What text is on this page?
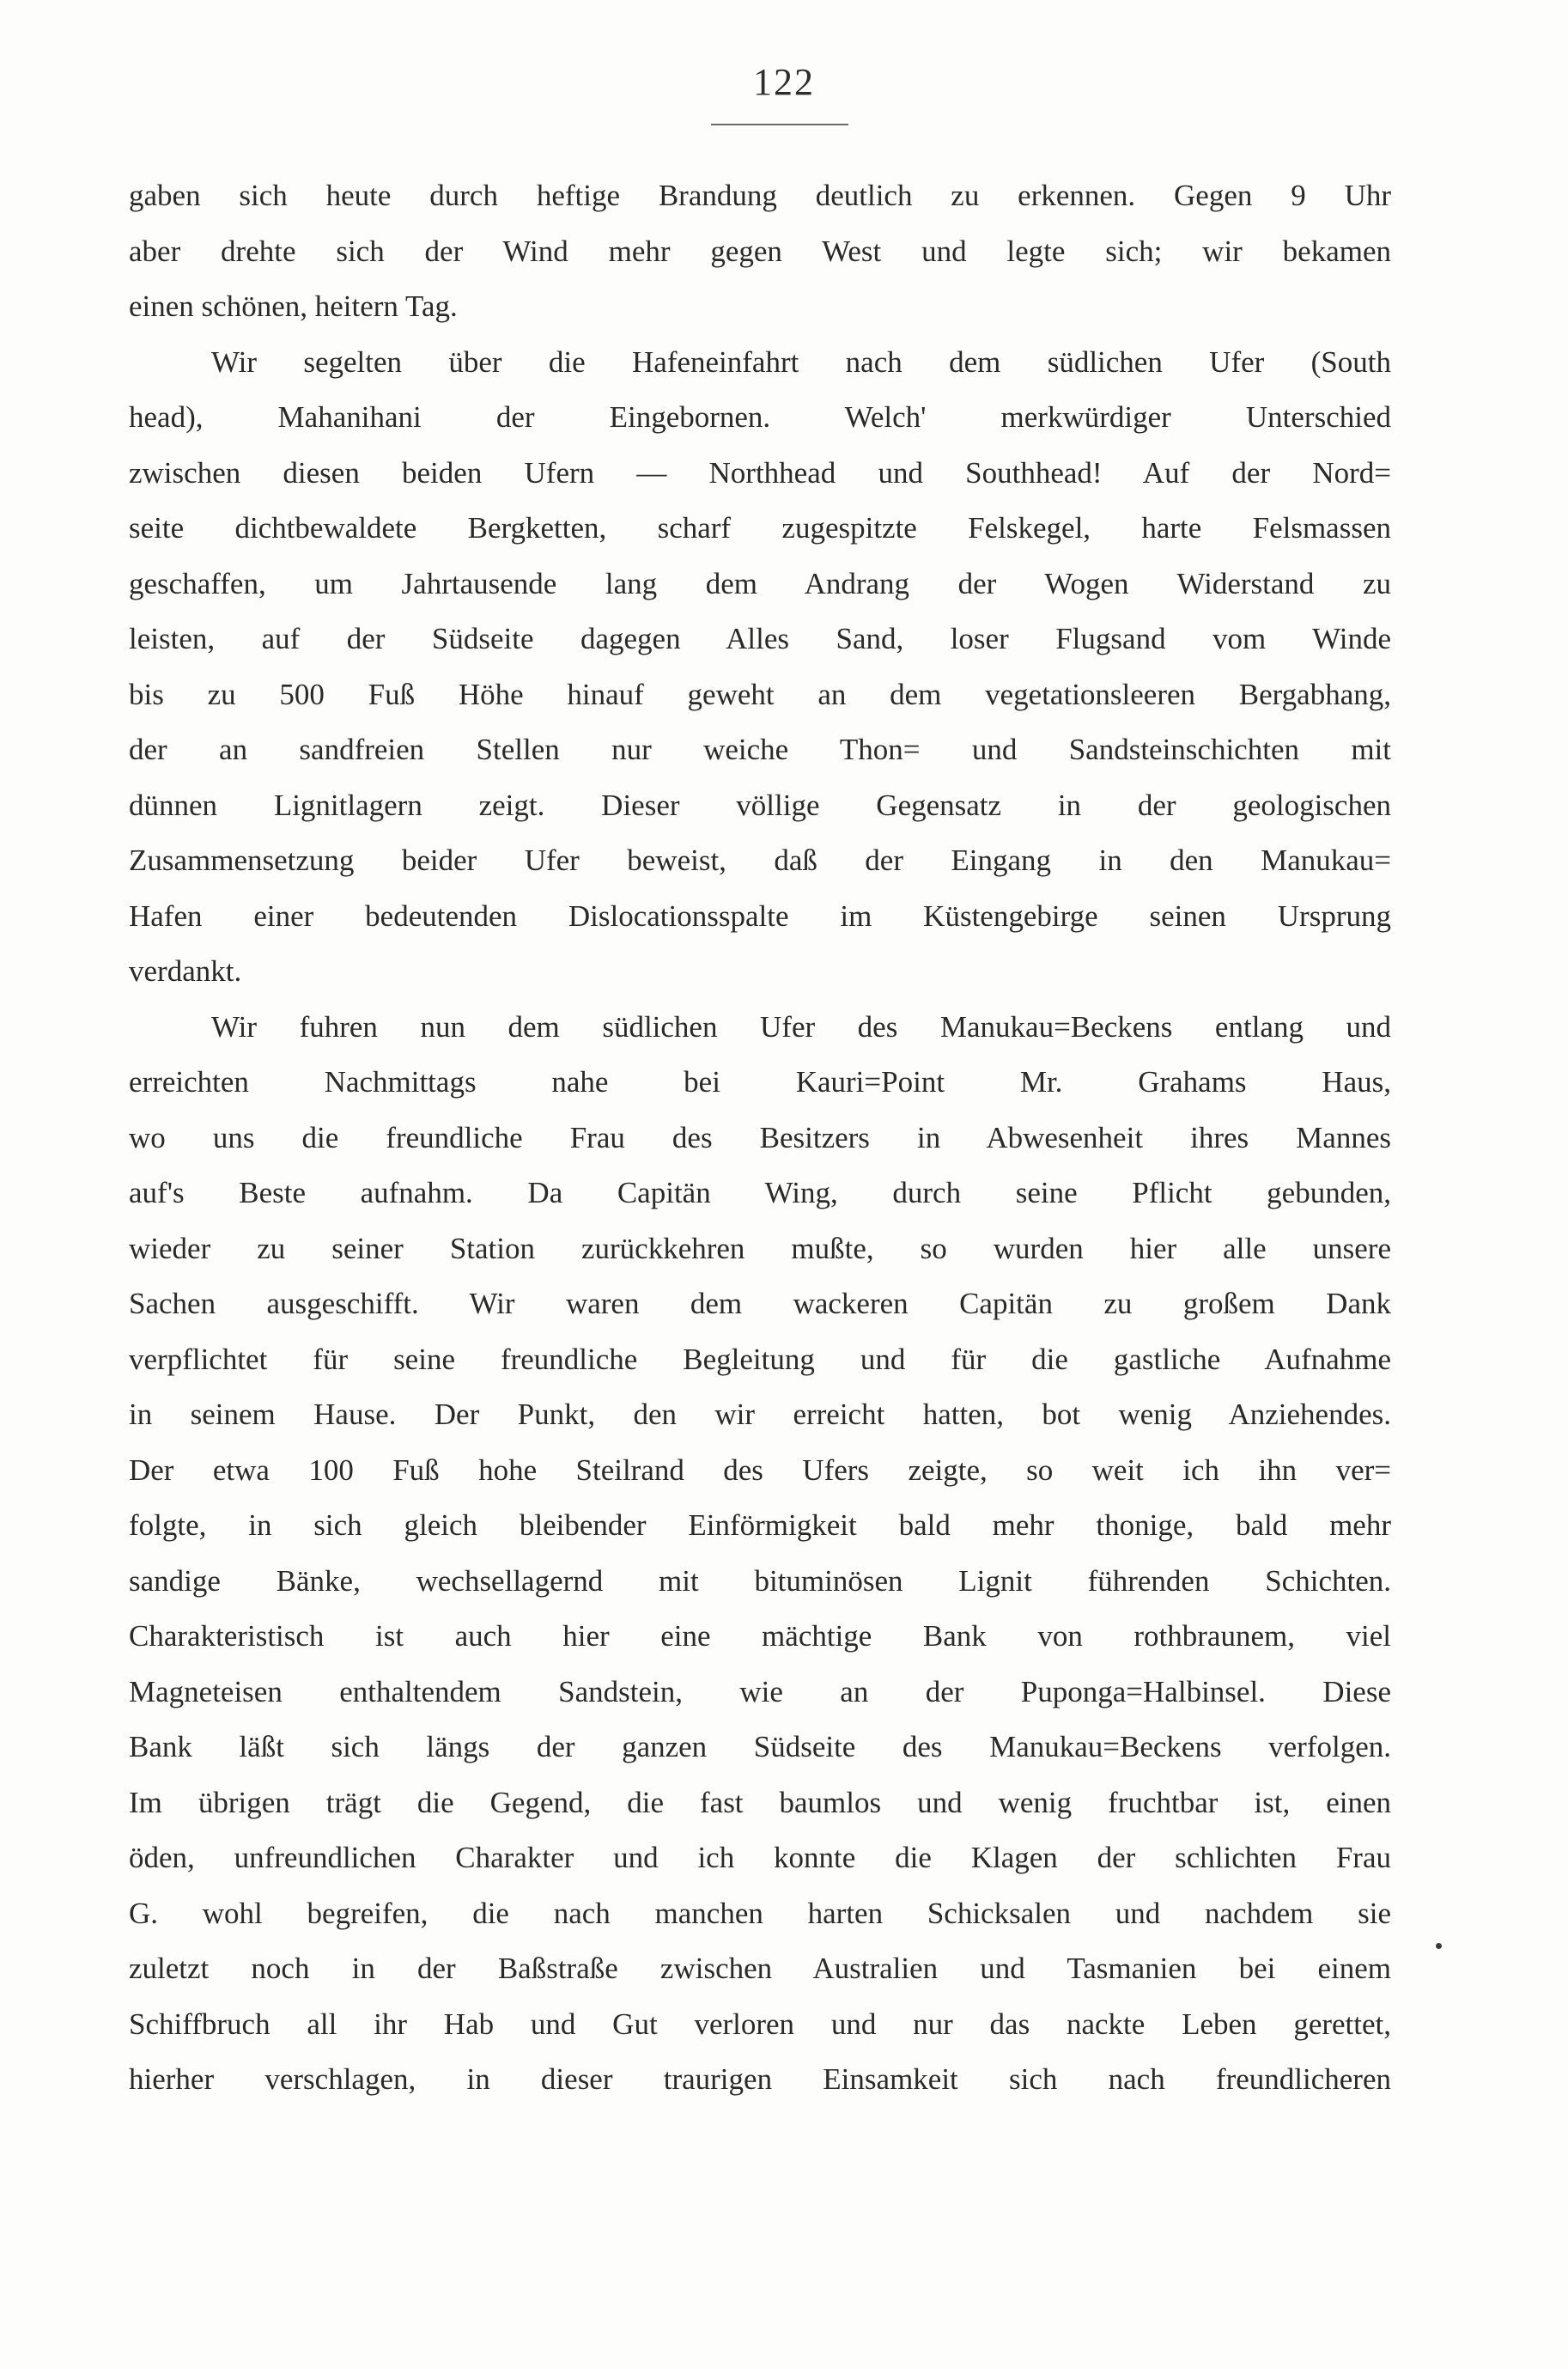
122
gaben sich heute durch heftige Brandung deutlich zu erkennen. Gegen 9 Uhr
aber drehte sich der Wind mehr gegen West und legte sich; wir bekamen
einen schönen, heitern Tag.
Wir segelten über die Hafeneinfahrt nach dem südlichen Ufer (South
head), Mahanihani der Eingebornen. Welch' merkwürdiger Unterschied
zwischen diesen beiden Ufern — Northhead und Southhead! Auf der Nord=
seite dichtbewaldete Bergketten, scharf zugespitzte Felskegel, harte Felsmassen
geschaffen, um Jahrtausende lang dem Andrang der Wogen Widerstand zu
leisten, auf der Südseite dagegen Alles Sand, loser Flugsand vom Winde
bis zu 500 Fuß Höhe hinauf geweht an dem vegetationsleeren Bergabhang,
der an sandfreien Stellen nur weiche Thon= und Sandsteinschichten mit
dünnen Lignitlagern zeigt. Dieser völlige Gegensatz in der geologischen
Zusammensetzung beider Ufer beweist, daß der Eingang in den Manukau=
Hafen einer bedeutenden Dislocationsspalte im Küstengebirge seinen Ursprung
verdankt.
Wir fuhren nun dem südlichen Ufer des Manukau=Beckens entlang und
erreichten Nachmittags nahe bei Kauri=Point Mr. Grahams Haus,
wo uns die freundliche Frau des Besitzers in Abwesenheit ihres Mannes
auf's Beste aufnahm. Da Capitän Wing, durch seine Pflicht gebunden,
wieder zu seiner Station zurückkehren mußte, so wurden hier alle unsere
Sachen ausgeschifft. Wir waren dem wackeren Capitän zu großem Dank
verpflichtet für seine freundliche Begleitung und für die gastliche Aufnahme
in seinem Hause. Der Punkt, den wir erreicht hatten, bot wenig Anziehendes.
Der etwa 100 Fuß hohe Steilrand des Ufers zeigte, so weit ich ihn ver=
folgte, in sich gleich bleibender Einförmigkeit bald mehr thonige, bald mehr
sandige Bänke, wechsellagernd mit bituminösen Lignit führenden Schichten.
Charakteristisch ist auch hier eine mächtige Bank von rothbraunem, viel
Magneteisen enthaltendem Sandstein, wie an der Puponga=Halbinsel. Diese
Bank läßt sich längs der ganzen Südseite des Manukau=Beckens verfolgen.
Im übrigen trägt die Gegend, die fast baumlos und wenig fruchtbar ist, einen
öden, unfreundlichen Charakter und ich konnte die Klagen der schlichten Frau
G. wohl begreifen, die nach manchen harten Schicksalen und nachdem sie
zuletzt noch in der Baßstraße zwischen Australien und Tasmanien bei einem
Schiffbruch all ihr Hab und Gut verloren und nur das nackte Leben gerettet,
hierher verschlagen, in dieser traurigen Einsamkeit sich nach freundlicheren
